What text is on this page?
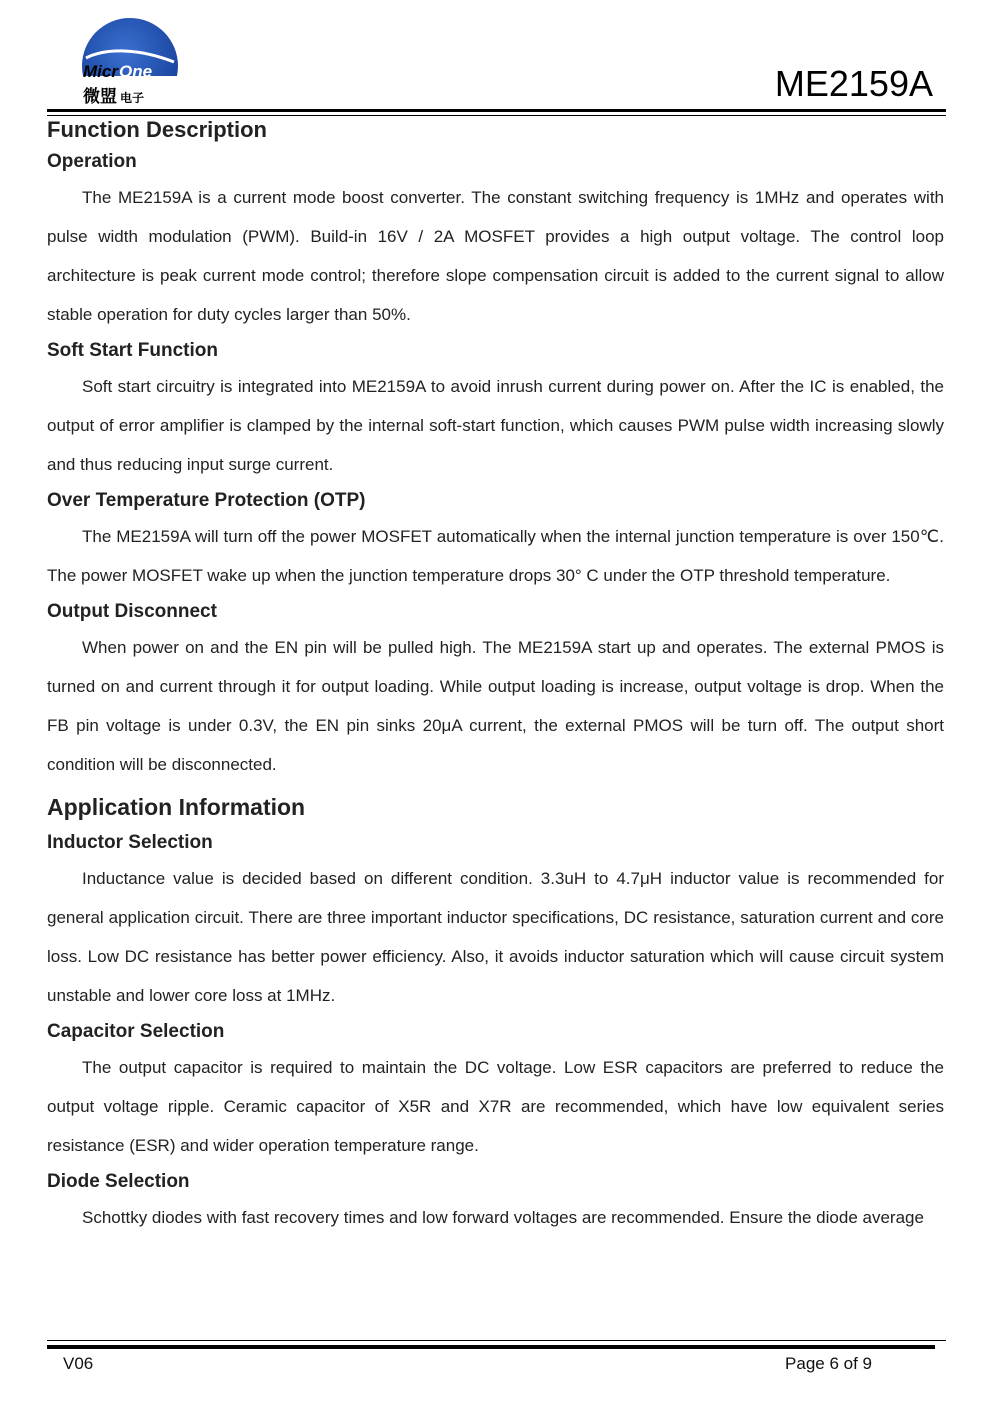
MicrOne
微盟 电子	ME2159A
Function Description
Operation

The ME2159A is a current mode boost converter. The constant switching frequency is 1MHz and operates with pulse width modulation (PWM). Build-in 16V / 2A MOSFET provides a high output voltage. The control loop architecture is peak current mode control; therefore slope compensation circuit is added to the current signal to allow stable operation for duty cycles larger than 50%.

Soft Start Function

Soft start circuitry is integrated into ME2159A to avoid inrush current during power on. After the IC is enabled, the output of error amplifier is clamped by the internal soft-start function, which causes PWM pulse width increasing slowly and thus reducing input surge current.

Over Temperature Protection (OTP)

The ME2159A will turn off the power MOSFET automatically when the internal junction temperature is over 150℃. The power MOSFET wake up when the junction temperature drops 30° C under the OTP threshold temperature.

Output Disconnect

When power on and the EN pin will be pulled high. The ME2159A start up and operates. The external PMOS is turned on and current through it for output loading. While output loading is increase, output voltage is drop. When the FB pin voltage is under 0.3V, the EN pin sinks 20μA current, the external PMOS will be turn off. The output short condition will be disconnected.

Application Information
Inductor Selection

Inductance value is decided based on different condition. 3.3uH to 4.7μH inductor value is recommended for general application circuit. There are three important inductor specifications, DC resistance, saturation current and core loss. Low DC resistance has better power efficiency. Also, it avoids inductor saturation which will cause circuit system unstable and lower core loss at 1MHz.

Capacitor Selection

The output capacitor is required to maintain the DC voltage. Low ESR capacitors are preferred to reduce the output voltage ripple. Ceramic capacitor of X5R and X7R are recommended, which have low equivalent series resistance (ESR) and wider operation temperature range.

Diode Selection

Schottky diodes with fast recovery times and low forward voltages are recommended. Ensure the diode average

V06	Page 6 of 9
